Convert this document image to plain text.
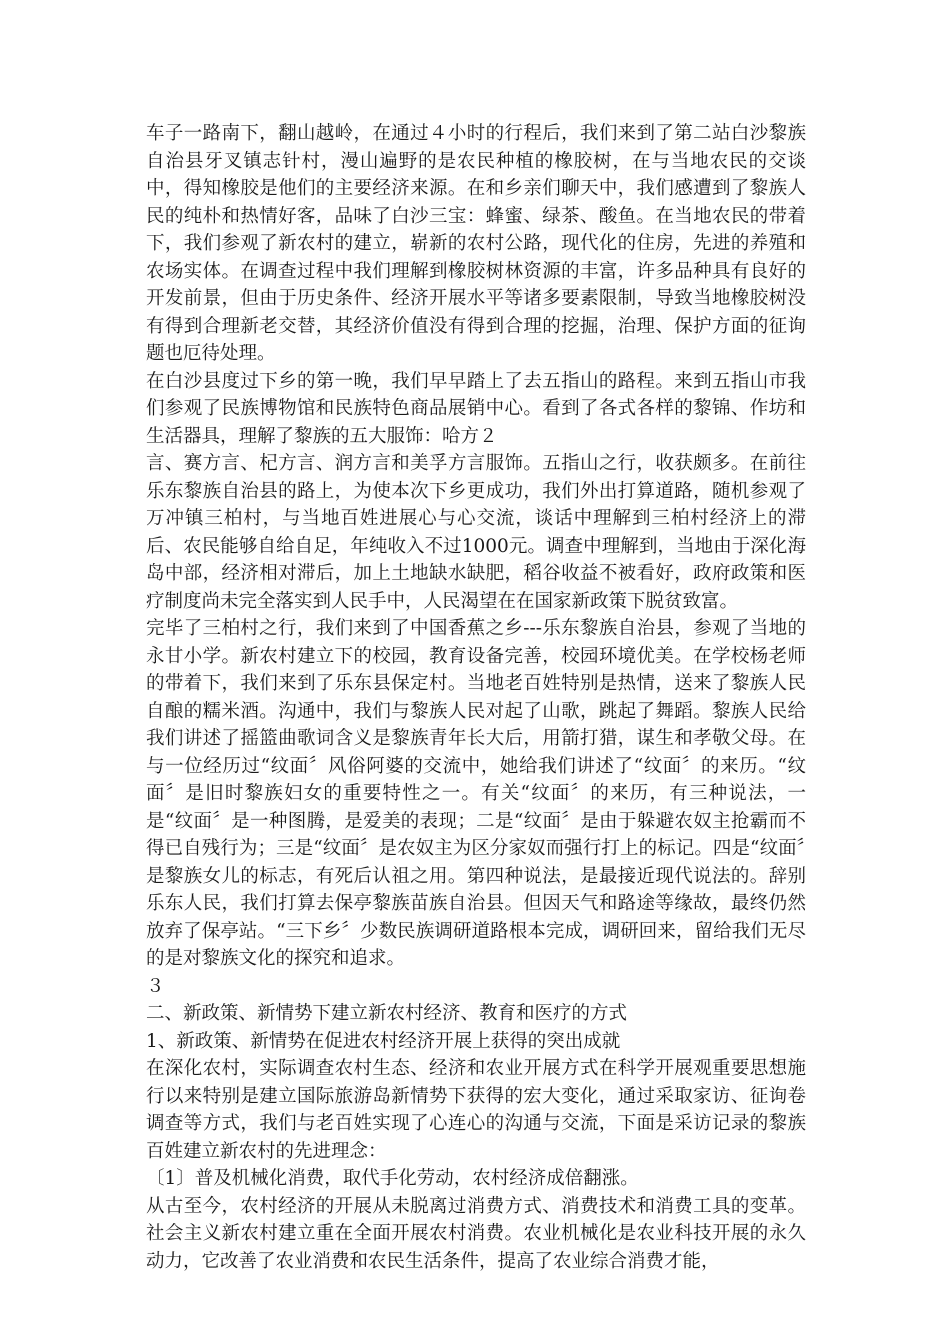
车子一路南下，翻山越岭，在通过４小时的行程后，我们来到了第二站白沙黎族自治县牙叉镇志针村，漫山遍野的是农民种植的橡胶树，在与当地农民的交谈中，得知橡胶是他们的主要经济来源。在和乡亲们聊天中，我们感遭到了黎族人民的纯朴和热情好客，品味了白沙三宝：蜂蜜、绿茶、酸鱼。在当地农民的带着下，我们参观了新农村的建立，崭新的农村公路，现代化的住房，先进的养殖和农场实体。在调查过程中我们理解到橡胶树林资源的丰富，许多品种具有良好的开发前景，但由于历史条件、经济开展水平等诸多要素限制，导致当地橡胶树没有得到合理新老交替，其经济价值没有得到合理的挖掘，治理、保护方面的征询题也厄待处理。

在白沙县度过下乡的第一晚，我们早早踏上了去五指山的路程。来到五指山市我们参观了民族博物馆和民族特色商品展销中心。看到了各式各样的黎锦、作坊和生活器具，理解了黎族的五大服饰：哈方２

言、赛方言、杞方言、润方言和美孚方言服饰。五指山之行，收获颇多。在前往乐东黎族自治县的路上，为使本次下乡更成功，我们外出打算道路，随机参观了万冲镇三柏村，与当地百姓进展心与心交流，谈话中理解到三柏村经济上的滞后、农民能够自给自足，年纯收入不过1000元。调查中理解到，当地由于深化海岛中部，经济相对滞后，加上土地缺水缺肥，稻谷收益不被看好，政府政策和医疗制度尚未完全落实到人民手中，人民渴望在在国家新政策下脱贫致富。

完毕了三柏村之行，我们来到了中国香蕉之乡---乐东黎族自治县，参观了当地的永甘小学。新农村建立下的校园，教育设备完善，校园环境优美。在学校杨老师的带着下，我们来到了乐东县保定村。当地老百姓特别是热情，送来了黎族人民自酿的糯米酒。沟通中，我们与黎族人民对起了山歌，跳起了舞蹈。黎族人民给我们讲述了摇篮曲歌词含义是黎族青年长大后，用箭打猎，谋生和孝敬父母。在与一位经历过“纹面〞风俗阿婆的交流中，她给我们讲述了“纹面〞的来历。“纹面〞是旧时黎族妇女的重要特性之一。有关“纹面〞的来历，有三种说法，一是“纹面〞是一种图腾，是爱美的表现；二是“纹面〞是由于躲避农奴主抢霸而不得已自残行为；三是“纹面〞是农奴主为区分家奴而强行打上的标记。四是“纹面〞是黎族女儿的标志，有死后认祖之用。第四种说法，是最接近现代说法的。辞别乐东人民，我们打算去保亭黎族苗族自治县。但因天气和路途等缘故，最终仍然放弃了保亭站。“三下乡〞少数民族调研道路根本完成，调研回来，留给我们无尽的是对黎族文化的探究和追求。

３

二、新政策、新情势下建立新农村经济、教育和医疗的方式

1、新政策、新情势在促进农村经济开展上获得的突出成就

在深化农村，实际调查农村生态、经济和农业开展方式在科学开展观重要思想施行以来特别是建立国际旅游岛新情势下获得的宏大变化，通过采取家访、征询卷调查等方式，我们与老百姓实现了心连心的沟通与交流，下面是采访记录的黎族百姓建立新农村的先进理念：

〔1〕普及机械化消费，取代手化劳动，农村经济成倍翻涨。

从古至今，农村经济的开展从未脱离过消费方式、消费技术和消费工具的变革。社会主义新农村建立重在全面开展农村消费。农业机械化是农业科技开展的永久动力，它改善了农业消费和农民生活条件，提高了农业综合消费才能，
